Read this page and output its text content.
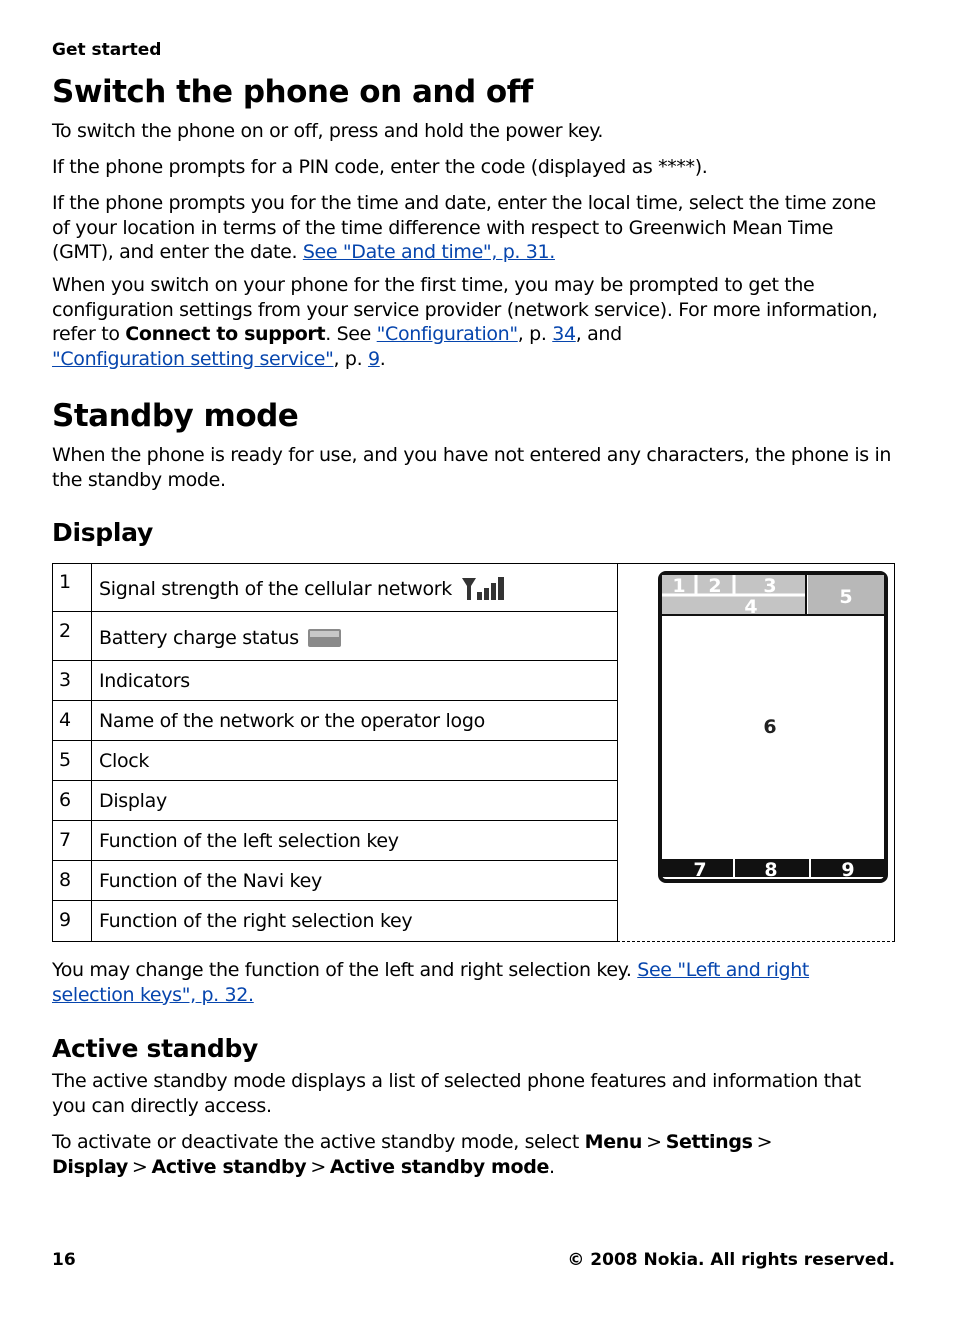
Get started
Switch the phone on and off
To switch the phone on or off, press and hold the power key.
If the phone prompts for a PIN code, enter the code (displayed as ****).
If the phone prompts you for the time and date, enter the local time, select the time zone of your location in terms of the time difference with respect to Greenwich Mean Time (GMT), and enter the date. See "Date and time", p. 31.
When you switch on your phone for the first time, you may be prompted to get the configuration settings from your service provider (network service). For more information, refer to Connect to support. See "Configuration", p. 34, and
"Configuration setting service", p. 9.
Standby mode
When the phone is ready for use, and you have not entered any characters, the phone is in the standby mode.
Display
1 Signal strength of the cellular network
2 Battery charge status
3 Indicators
4 Name of the network or the operator logo
5 Clock
6 Display
7 Function of the left selection key
8 Function of the Navi key
9 Function of the right selection key
1 2 3
4	5
6
7	8	9
You may change the function of the left and right selection key. See "Left and right selection keys", p. 32.
Active standby
The active standby mode displays a list of selected phone features and information that you can directly access.
To activate or deactivate the active standby mode, select Menu > Settings >
Display > Active standby > Active standby mode.
16	© 2008 Nokia. All rights reserved.
